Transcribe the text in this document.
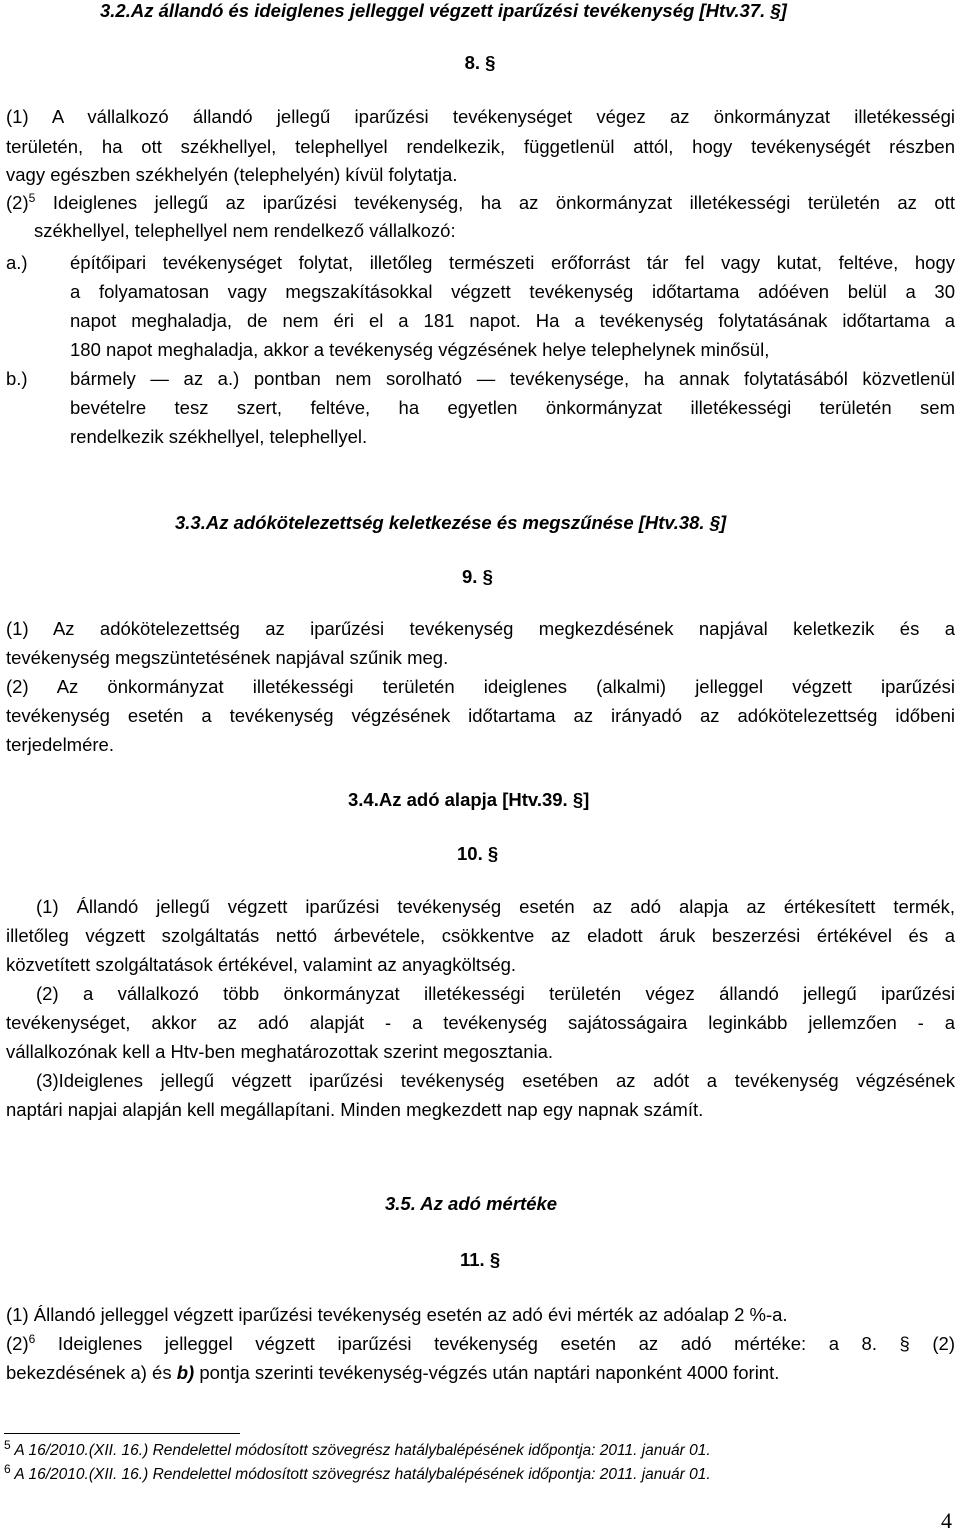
3.2.Az állandó és ideiglenes jelleggel végzett iparűzési tevékenység [Htv.37. §]
8. §
(1) A vállalkozó állandó jellegű iparűzési tevékenységet végez az önkormányzat illetékességi
területén, ha ott székhellyel, telephellyel rendelkezik, függetlenül attól, hogy tevékenységét részben
vagy egészben székhelyén (telephelyén) kívül folytatja.
$(2)^5$ Ideiglenes jellegű az iparűzési tevékenység, ha az önkormányzat illetékességi területén az ott
székhellyel, telephellyel nem rendelkező vállalkozó:
a.) építőipari tevékenységet folytat, illetőleg természeti erőforrást tár fel vagy kutat, feltéve, hogy
a folyamatosan vagy megszakításokkal végzett tevékenység időtartama adóéven belül a 30
napot meghaladja, de nem éri el a 181 napot. Ha a tevékenység folytatásának időtartama a
180 napot meghaladja, akkor a tevékenység végzésének helye telephelynek minősül,
b.) bármely — az a.) pontban nem sorolható — tevékenysége, ha annak folytatásából közvetlenül
bevételre tesz szert, feltéve, ha egyetlen önkormányzat illetékességi területén sem
rendelkezik székhellyel, telephellyel.
3.3.Az adókötelezettség keletkezése és megszűnése [Htv.38. §]
9. §
(1) Az adókötelezettség az iparűzési tevékenység megkezdésének napjával keletkezik és a
tevékenység megszüntetésének napjával szűnik meg.
(2) Az önkormányzat illetékességi területén ideiglenes (alkalmi) jelleggel végzett iparűzési
tevékenység esetén a tevékenység végzésének időtartama az irányadó az adókötelezettség időbeni
terjedelmére.
3.4.Az adó alapja [Htv.39. §]
10. §
(1) Állandó jellegű végzett iparűzési tevékenység esetén az adó alapja az értékesített termék,
illetőleg végzett szolgáltatás nettó árbevétele, csökkentve az eladott áruk beszerzési értékével és a
közvetített szolgáltatások értékével, valamint az anyagköltség.
(2) a vállalkozó több önkormányzat illetékességi területén végez állandó jellegű iparűzési
tevékenységet, akkor az adó alapját - a tevékenység sajátosságaira leginkább jellemzően - a
vállalkozónak kell a Htv-ben meghatározottak szerint megosztania.
(3)Ideiglenes jellegű végzett iparűzési tevékenység esetében az adót a tevékenység végzésének
naptári napjai alapján kell megállapítani. Minden megkezdett nap egy napnak számít.
3.5. Az adó mértéke
11. §
(1) Állandó jelleggel végzett iparűzési tevékenység esetén az adó évi mérték az adóalap 2 %-a.
$(2)^6$ Ideiglenes jelleggel végzett iparűzési tevékenység esetén az adó mértéke: a 8. § (2)
bekezdésének a) és b) pontja szerinti tevékenység-végzés után naptári naponként 4000 forint.
$^5$ A 16/2010.(XII. 16.) Rendelettel módosított szövegrész hatálybalépésének időpontja: 2011. január 01.
$^6$ A 16/2010.(XII. 16.) Rendelettel módosított szövegrész hatálybalépésének időpontja: 2011. január 01.
4
